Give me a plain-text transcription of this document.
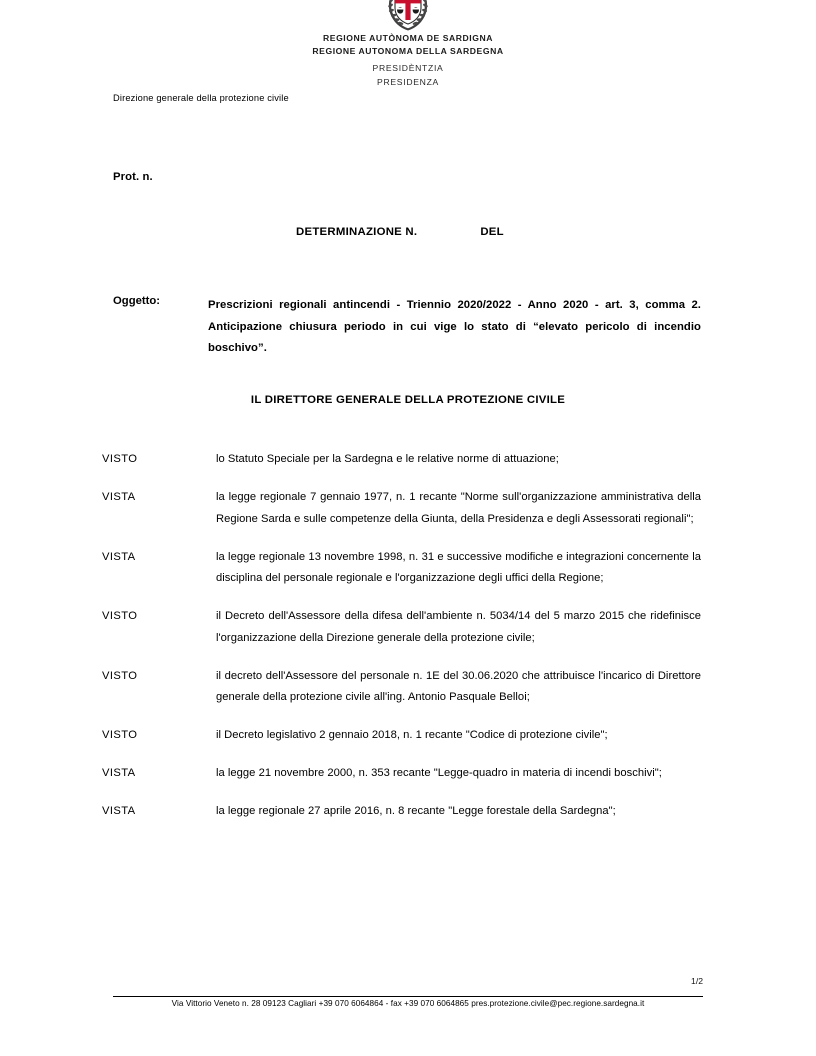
REGIONE AUTÒNOMA DE SARDIGNA
REGIONE AUTONOMA DELLA SARDEGNA
PRESIDÈNTZIA
PRESIDENZA
Direzione generale della protezione civile
Prot. n.
DETERMINAZIONE N.	DEL
Oggetto:	Prescrizioni regionali antincendi - Triennio 2020/2022 - Anno 2020 - art. 3, comma 2. Anticipazione chiusura periodo in cui vige lo stato di “elevato pericolo di incendio boschivo”.
IL DIRETTORE GENERALE DELLA PROTEZIONE CIVILE
VISTO	lo Statuto Speciale per la Sardegna e le relative norme di attuazione;
VISTA	la legge regionale 7 gennaio 1977, n. 1 recante "Norme sull'organizzazione amministrativa della Regione Sarda e sulle competenze della Giunta, della Presidenza e degli Assessorati regionali";
VISTA	la legge regionale 13 novembre 1998, n. 31 e successive modifiche e integrazioni concernente la disciplina del personale regionale e l'organizzazione degli uffici della Regione;
VISTO	il Decreto dell'Assessore della difesa dell'ambiente n. 5034/14 del 5 marzo 2015 che ridefinisce l'organizzazione della Direzione generale della protezione civile;
VISTO	il decreto dell'Assessore del personale n. 1E del 30.06.2020 che attribuisce l'incarico di Direttore generale della protezione civile all'ing. Antonio Pasquale Belloi;
VISTO	il Decreto legislativo 2 gennaio 2018, n. 1 recante "Codice di protezione civile";
VISTA	la legge 21 novembre 2000, n. 353 recante "Legge-quadro in materia di incendi boschivi";
VISTA	la legge regionale 27 aprile 2016, n. 8 recante "Legge forestale della Sardegna";
1/2
Via Vittorio Veneto n. 28 09123 Cagliari +39 070 6064864 - fax +39 070 6064865 pres.protezione.civile@pec.regione.sardegna.it
